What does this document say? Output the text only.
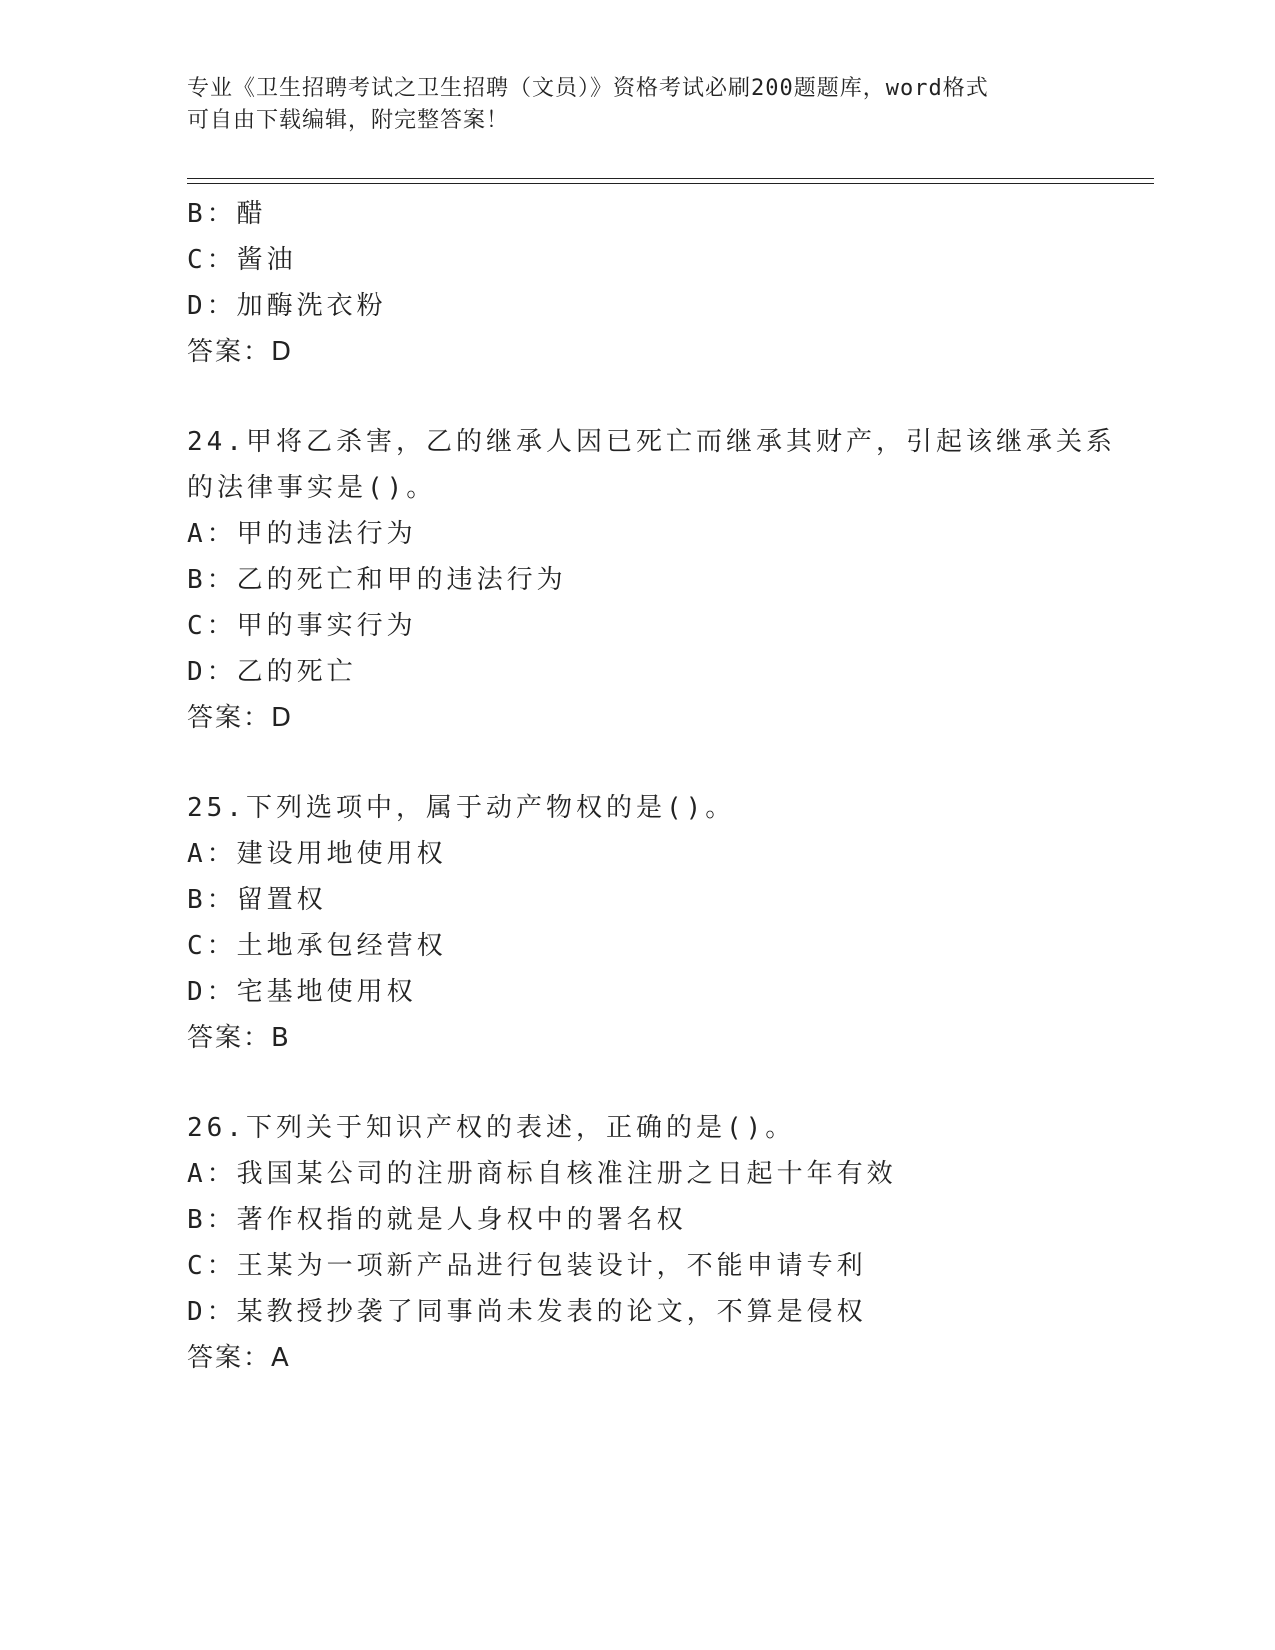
专业《卫生招聘考试之卫生招聘（文员）》资格考试必刷200题题库，word格式
可自由下载编辑，附完整答案！
B：醋
C：酱油
D：加酶洗衣粉
答案：D
24.甲将乙杀害，乙的继承人因已死亡而继承其财产，引起该继承关系
的法律事实是()。
A：甲的违法行为
B：乙的死亡和甲的违法行为
C：甲的事实行为
D：乙的死亡
答案：D
25.下列选项中，属于动产物权的是()。
A：建设用地使用权
B：留置权
C：土地承包经营权
D：宅基地使用权
答案：B
26.下列关于知识产权的表述，正确的是()。
A：我国某公司的注册商标自核准注册之日起十年有效
B：著作权指的就是人身权中的署名权
C：王某为一项新产品进行包装设计，不能申请专利
D：某教授抄袭了同事尚未发表的论文，不算是侵权
答案：A
